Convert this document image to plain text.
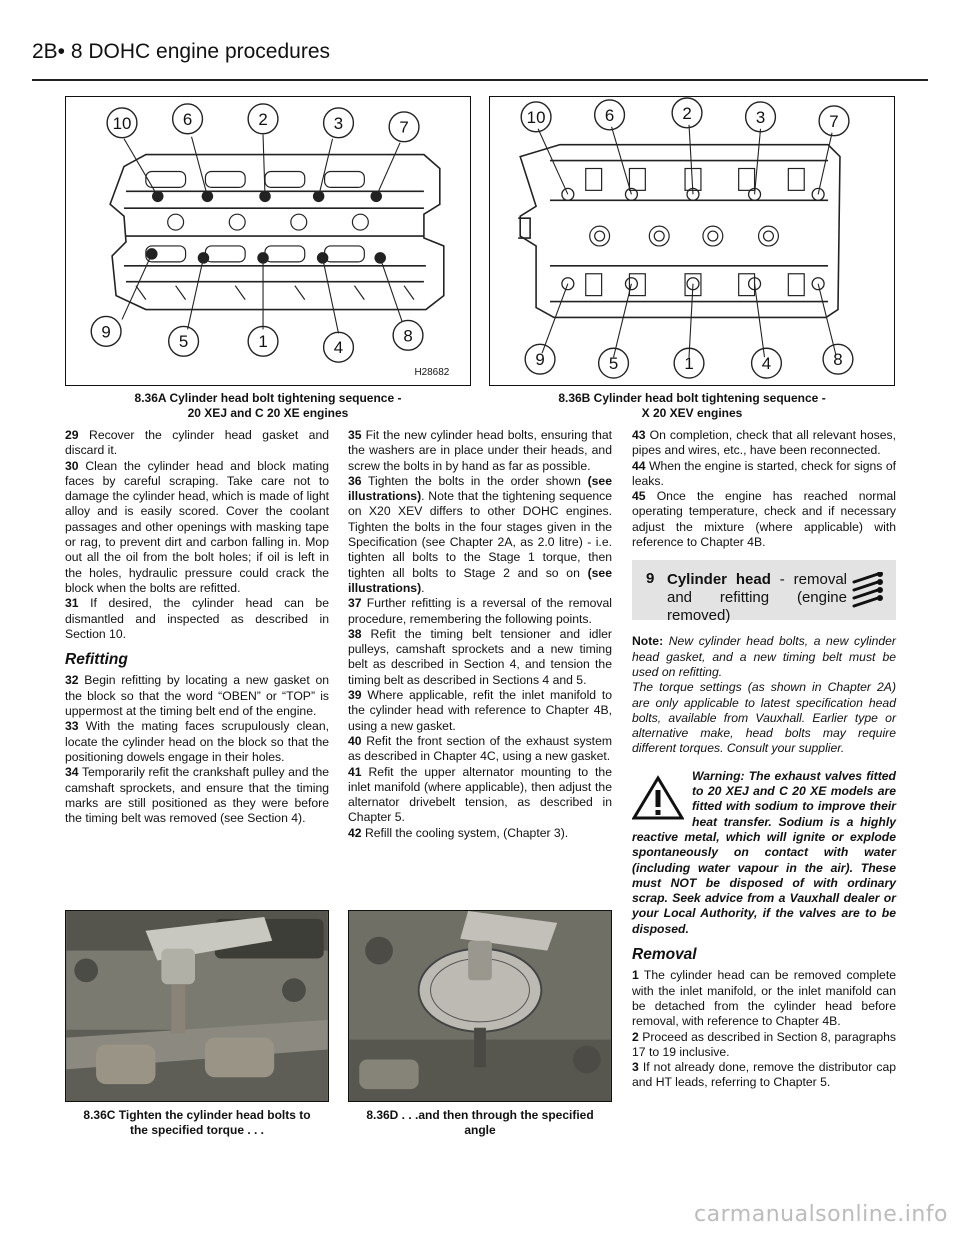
2B• 8 DOHC engine procedures
10	6	2	3	7
9
5	1	4
8
H28682
10	6	2	3	7
9	5	1	4	8
8.36A Cylinder head bolt tightening sequence -
20 XEJ and C 20 XE engines
8.36B Cylinder head bolt tightening sequence -
X 20 XEV engines

29 Recover the cylinder head gasket and discard it.

30 Clean the cylinder head and block mating faces by careful scraping. Take care not to damage the cylinder head, which is made of light alloy and is easily scored. Cover the coolant passages and other openings with masking tape or rag, to prevent dirt and carbon falling in. Mop out all the oil from the bolt holes; if oil is left in the holes, hydraulic pressure could crack the block when the bolts are refitted.

31 If desired, the cylinder head can be dismantled and inspected as described in Section 10.

Refitting

32 Begin refitting by locating a new gasket on the block so that the word “OBEN” or “TOP” is uppermost at the timing belt end of the engine.

33 With the mating faces scrupulously clean, locate the cylinder head on the block so that the positioning dowels engage in their holes.

34 Temporarily refit the crankshaft pulley and the camshaft sprockets, and ensure that the timing marks are still positioned as they were before the timing belt was removed (see Section 4).

35 Fit the new cylinder head bolts, ensuring that the washers are in place under their heads, and screw the bolts in by hand as far as possible.

36 Tighten the bolts in the order shown (see illustrations). Note that the tightening sequence on X20 XEV differs to other DOHC engines. Tighten the bolts in the four stages given in the Specification (see Chapter 2A, as 2.0 litre) - i.e. tighten all bolts to the Stage 1 torque, then tighten all bolts to Stage 2 and so on (see illustrations).

37 Further refitting is a reversal of the removal procedure, remembering the following points.

38 Refit the timing belt tensioner and idler pulleys, camshaft sprockets and a new timing belt as described in Section 4, and tension the timing belt as described in Sections 4 and 5.

39 Where applicable, refit the inlet manifold to the cylinder head with reference to Chapter 4B, using a new gasket.

40 Refit the front section of the exhaust system as described in Chapter 4C, using a new gasket.

41 Refit the upper alternator mounting to the inlet manifold (where applicable), then adjust the alternator drivebelt tension, as described in Chapter 5.

42 Refill the cooling system, (Chapter 3).

43 On completion, check that all relevant hoses, pipes and wires, etc., have been reconnected.

44 When the engine is started, check for signs of leaks.

45 Once the engine has reached normal operating temperature, check and if necessary adjust the mixture (where applicable) with reference to Chapter 4B.

9 Cylinder head - removal and refitting (engine removed)

Note: New cylinder head bolts, a new cylinder head gasket, and a new timing belt must be used on refitting.
The torque settings (as shown in Chapter 2A) are only applicable to latest specification head bolts, available from Vauxhall. Earlier type or alternative make, head bolts may require different torques. Consult your supplier.

Warning: The exhaust valves fitted to 20 XEJ and C 20 XE models are fitted with sodium to improve their heat transfer. Sodium is a highly reactive metal, which will ignite or explode spontaneously on contact with water (including water vapour in the air). These must NOT be disposed of with ordinary scrap. Seek advice from a Vauxhall dealer or your Local Authority, if the valves are to be disposed.
Removal

1 The cylinder head can be removed complete with the inlet manifold, or the inlet manifold can be detached from the cylinder head before removal, with reference to Chapter 4B.

2 Proceed as described in Section 8, paragraphs 17 to 19 inclusive.

3 If not already done, remove the distributor cap and HT leads, referring to Chapter 5.

8.36C Tighten the cylinder head bolts to
the specified torque . . .
8.36D . . .and then through the specified
angle
carmanualsonline.info
